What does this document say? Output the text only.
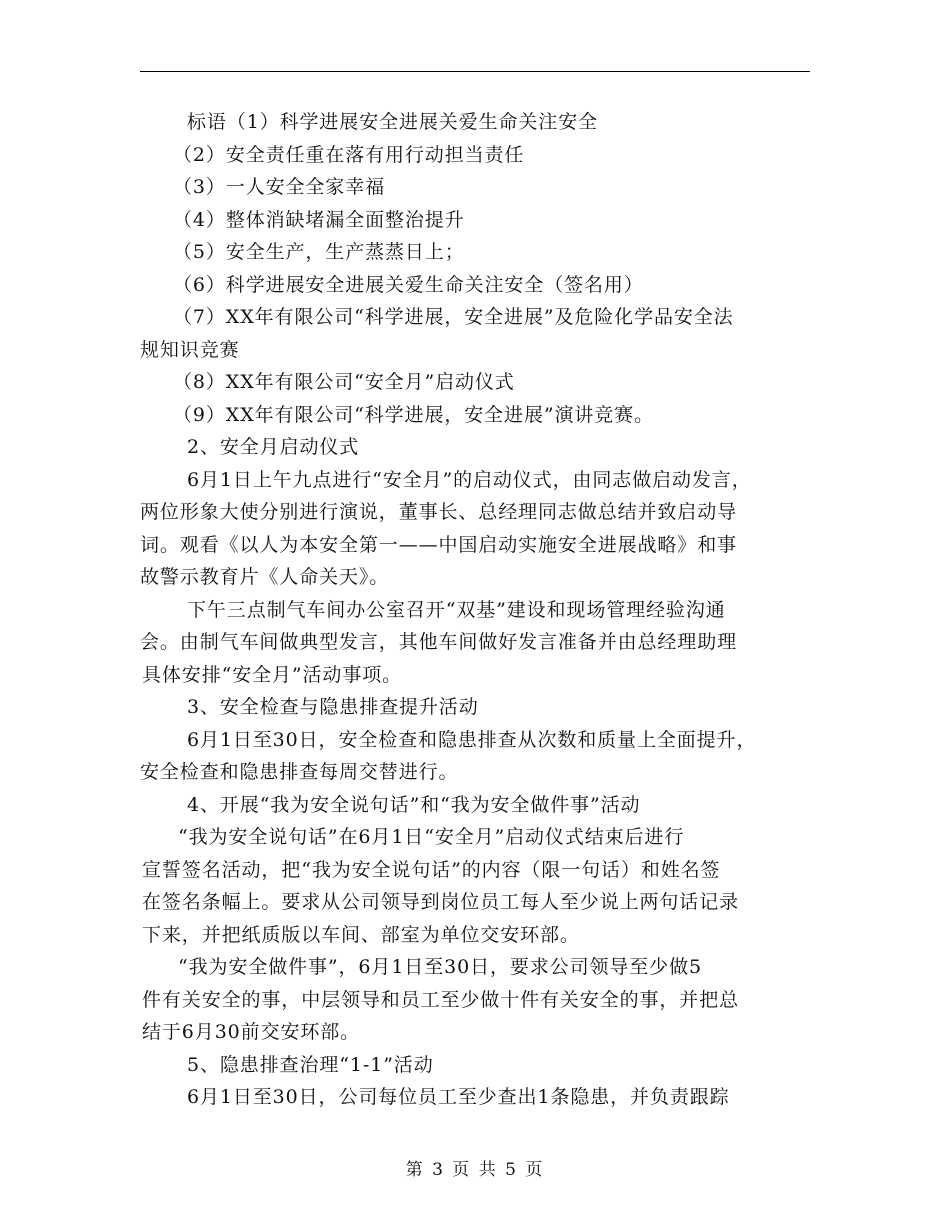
标语（1）科学进展安全进展关爱生命关注安全
（2）安全责任重在落有用行动担当责任
（3）一人安全全家幸福
（4）整体消缺堵漏全面整治提升
（5）安全生产，生产蒸蒸日上；
（6）科学进展安全进展关爱生命关注安全（签名用）
（7）XX年有限公司“科学进展，安全进展”及危险化学品安全法
规知识竞赛
（8）XX年有限公司“安全月”启动仪式
（9）XX年有限公司“科学进展，安全进展”演讲竞赛。
2、安全月启动仪式
6月1日上午九点进行“安全月”的启动仪式，由同志做启动发言，
两位形象大使分别进行演说，董事长、总经理同志做总结并致启动导
词。观看《以人为本安全第一——中国启动实施安全进展战略》和事
故警示教育片《人命关天》。
下午三点制气车间办公室召开“双基”建设和现场管理经验沟通
会。由制气车间做典型发言，其他车间做好发言准备并由总经理助理
具体安排“安全月”活动事项。
3、安全检查与隐患排查提升活动
6月1日至30日，安全检查和隐患排查从次数和质量上全面提升，
安全检查和隐患排查每周交替进行。
4、开展“我为安全说句话”和“我为安全做件事”活动
“我为安全说句话”在6月1日“安全月”启动仪式结束后进行
宣誓签名活动，把“我为安全说句话”的内容（限一句话）和姓名签
在签名条幅上。要求从公司领导到岗位员工每人至少说上两句话记录
下来，并把纸质版以车间、部室为单位交安环部。
“我为安全做件事”，6月1日至30日，要求公司领导至少做5
件有关安全的事，中层领导和员工至少做十件有关安全的事，并把总
结于6月30前交安环部。
5、隐患排查治理“1-1”活动
6月1日至30日，公司每位员工至少查出1条隐患，并负责跟踪
第 3 页 共 5 页
